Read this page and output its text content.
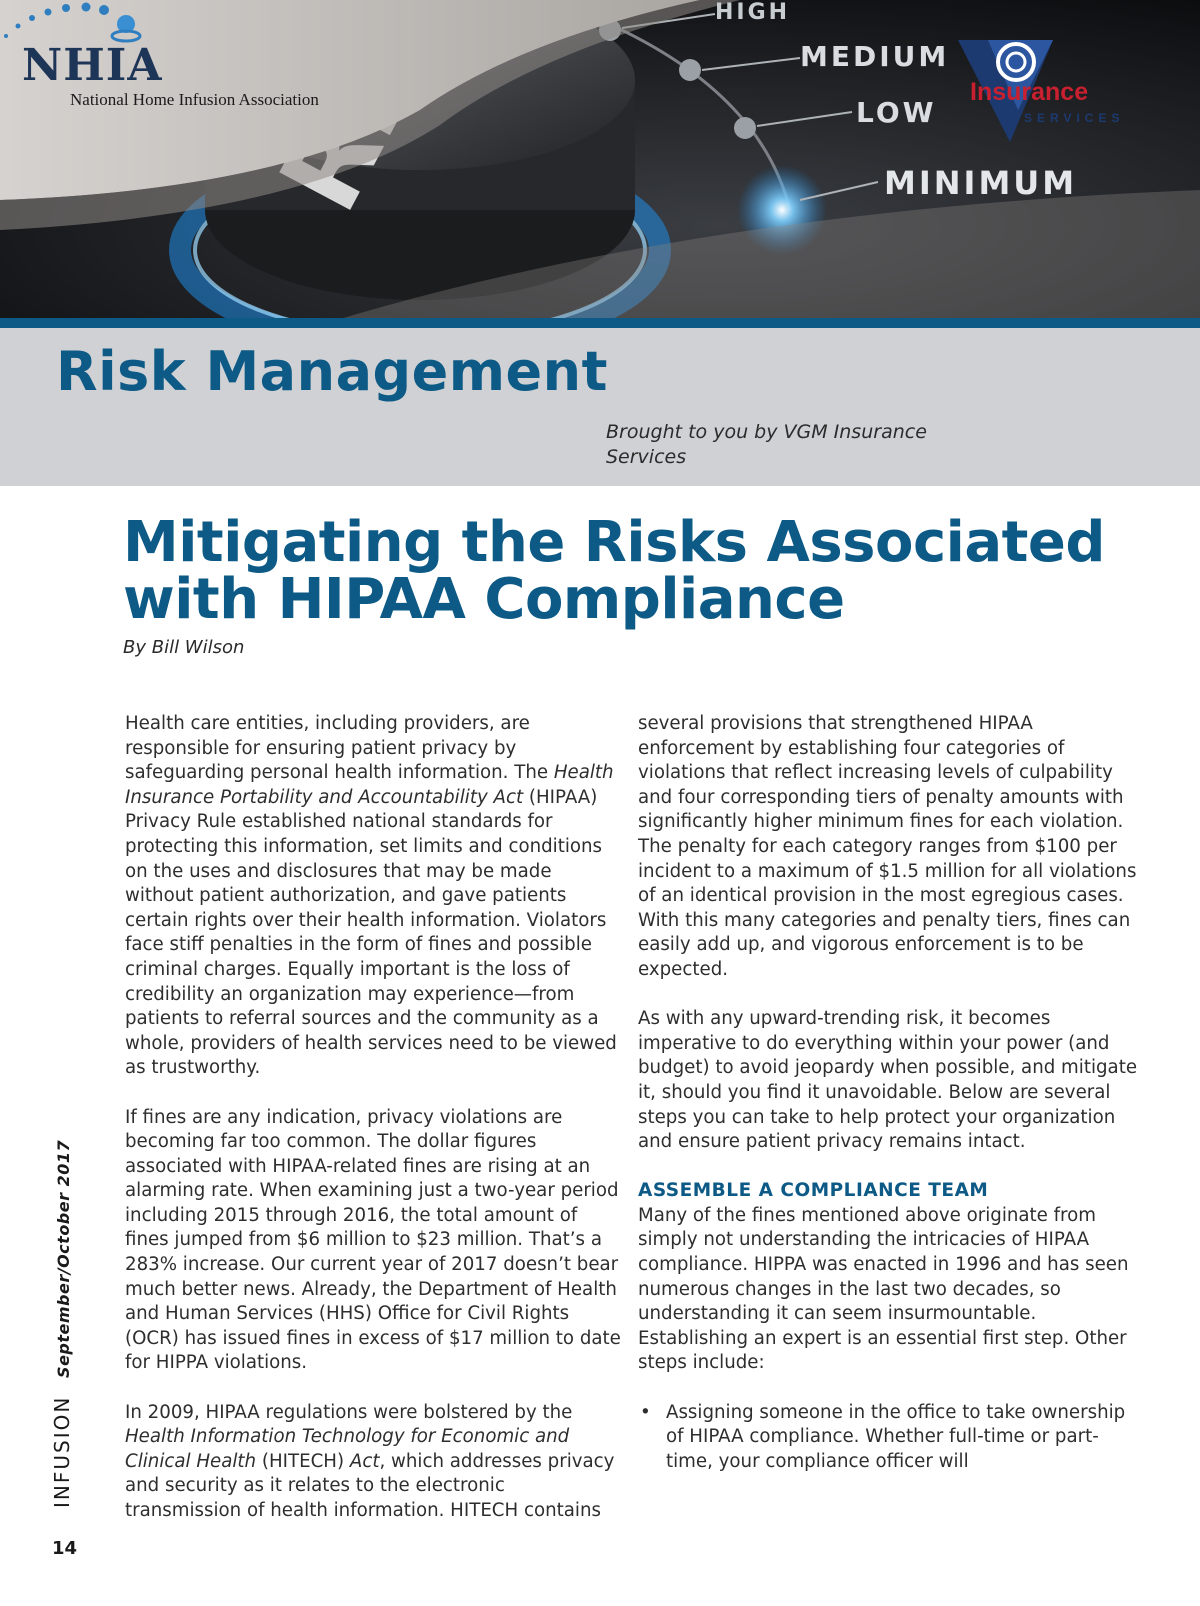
NHIA
National Home Infusion Association
HIGH
MEDIUM
LOW
MINIMUM
Risk Management
Brought to you by VGM Insurance Services
Insurance
SERVICES
Mitigating the Risks Associated with HIPAA Compliance
By Bill Wilson

Health care entities, including providers, are responsible for ensuring patient privacy by safeguarding personal health information. The Health Insurance Portability and Accountability Act (HIPAA) Privacy Rule established national standards for protecting this information, set limits and conditions on the uses and disclosures that may be made without patient authorization, and gave patients certain rights over their health information. Violators face stiff penalties in the form of fines and possible criminal charges. Equally important is the loss of credibility an organization may experience—from patients to referral sources and the community as a whole, providers of health services need to be viewed as trustworthy.

If fines are any indication, privacy violations are becoming far too common. The dollar figures associated with HIPAA-related fines are rising at an alarming rate. When examining just a two-year period including 2015 through 2016, the total amount of fines jumped from $6 million to $23 million. That’s a 283% increase. Our current year of 2017 doesn’t bear much better news. Already, the Department of Health and Human Services (HHS) Office for Civil Rights (OCR) has issued fines in excess of $17 million to date for HIPPA violations.

In 2009, HIPAA regulations were bolstered by the Health Information Technology for Economic and Clinical Health (HITECH) Act, which addresses privacy and security as it relates to the electronic transmission of health information. HITECH contains

several provisions that strengthened HIPAA enforcement by establishing four categories of violations that reflect increasing levels of culpability and four corresponding tiers of penalty amounts with significantly higher minimum fines for each violation. The penalty for each category ranges from $100 per incident to a maximum of $1.5 million for all violations of an identical provision in the most egregious cases. With this many categories and penalty tiers, fines can easily add up, and vigorous enforcement is to be expected.

As with any upward-trending risk, it becomes imperative to do everything within your power (and budget) to avoid jeopardy when possible, and mitigate it, should you find it unavoidable. Below are several steps you can take to help protect your organization and ensure patient privacy remains intact.

ASSEMBLE A COMPLIANCE TEAM

Many of the fines mentioned above originate from simply not understanding the intricacies of HIPAA compliance. HIPPA was enacted in 1996 and has seen numerous changes in the last two decades, so understanding it can seem insurmountable. Establishing an expert is an essential first step. Other steps include:

• Assigning someone in the office to take ownership of HIPAA compliance. Whether full-time or part-time, your compliance officer will
INFUSION September/October 2017
14
